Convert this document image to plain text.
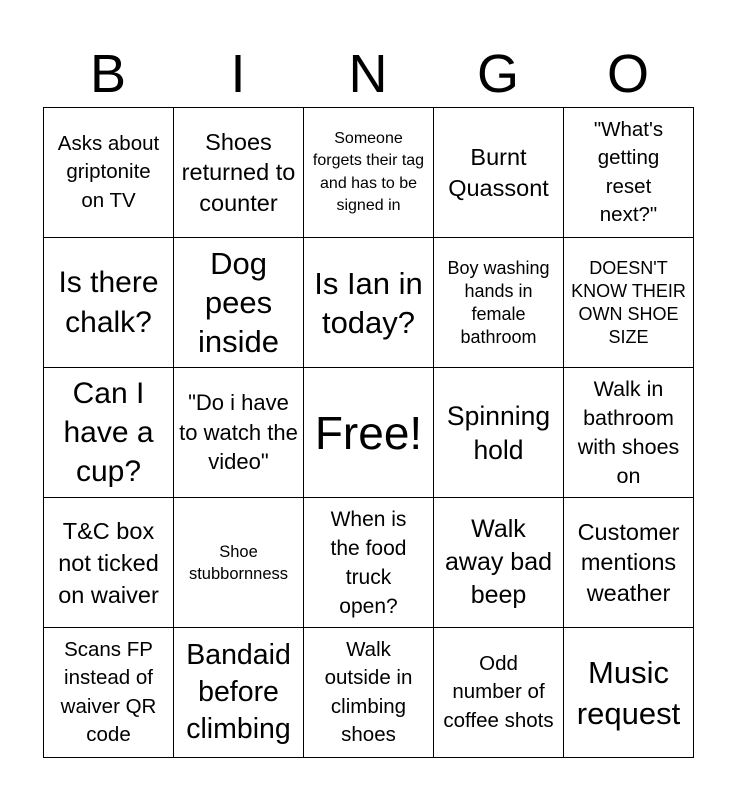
B	I	N	G	O
Asks about griptonite on TV
Shoes returned to counter
Someone forgets their tag and has to be signed in
Burnt Quassont
"What's getting reset next?"
Is there chalk?
Dog pees inside
Is Ian in today?
Boy washing hands in female bathroom
DOESN'T KNOW THEIR OWN SHOE SIZE
Can I have a cup?
"Do i have to watch the video"
Free! Spinning hold
Walk in bathroom with shoes on
T&C box not ticked on waiver
Shoe stubbornness
When is the food truck open?
Walk away bad beep
Customer mentions weather
Scans FP instead of waiver QR code
Bandaid before climbing
Walk outside in climbing shoes
Odd number of coffee shots
Music request
